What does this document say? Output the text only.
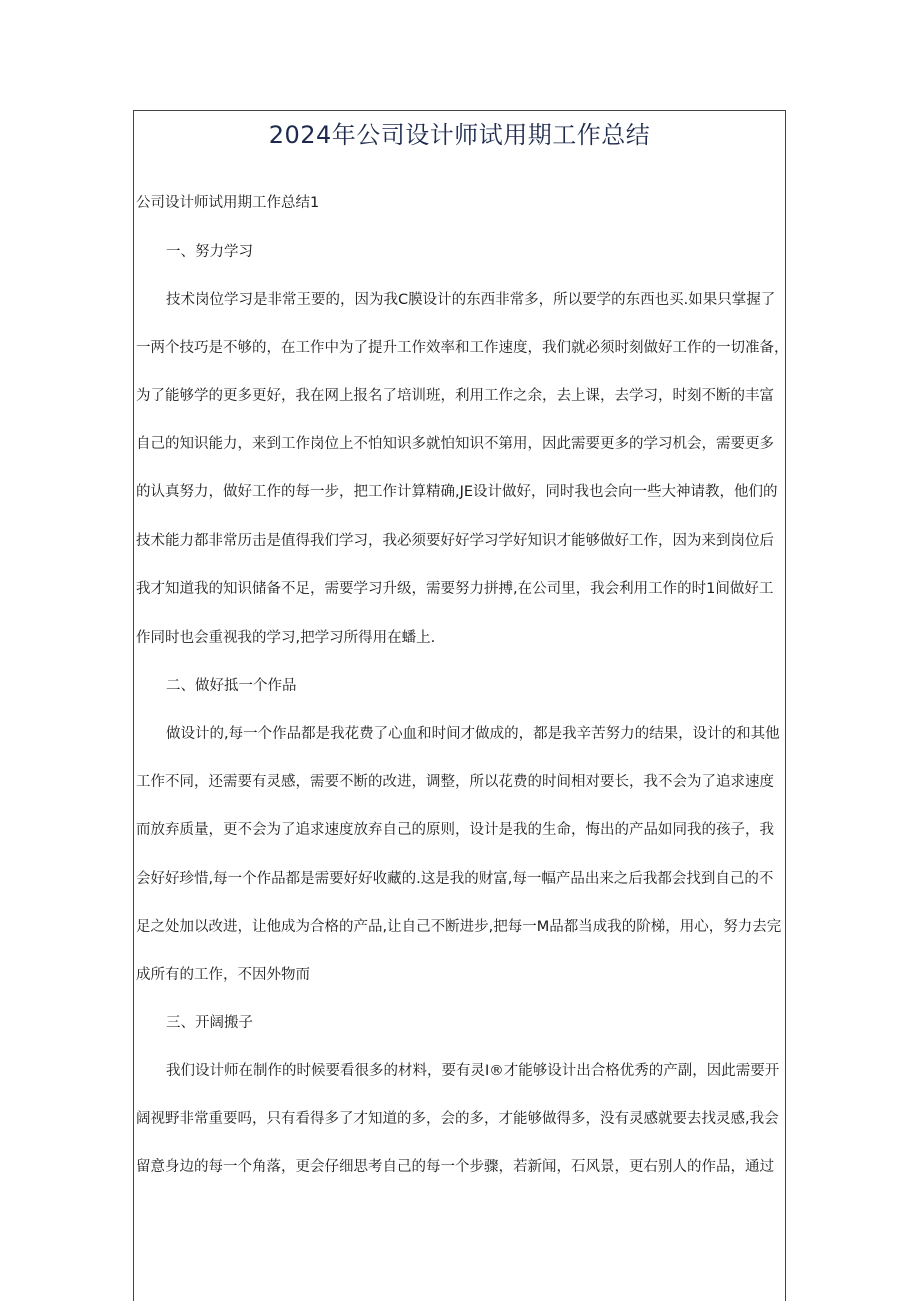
2024年公司设计师试用期工作总结
公司设计师试用期工作总结1
一、努力学习
技术岗位学习是非常王要的，因为我C膜设计的东西非常多，所以要学的东西也买.如果只掌握了
一两个技巧是不够的，在工作中为了提升工作效率和工作速度，我们就必须时刻做好工作的一切准备，
为了能够学的更多更好，我在网上报名了培训班，利用工作之余，去上课，去学习，时刻不断的丰富
自己的知识能力，来到工作岗位上不怕知识多就怕知识不第用，因此需要更多的学习机会，需要更多
的认真努力，做好工作的每一步，把工作计算精确,JE设计做好，同时我也会向一些大神请教，他们的
技术能力都非常历击是值得我们学习，我必须要好好学习学好知识才能够做好工作，因为来到岗位后
我才知道我的知识储备不足，需要学习升级，需要努力拼搏,在公司里，我会利用工作的时1间做好工
作同时也会重视我的学习,把学习所得用在蟠上.
二、做好抵一个作品
做设计的,每一个作品都是我花费了心血和时间才做成的，都是我辛苦努力的结果，设计的和其他
工作不同，还需要有灵感，需要不断的改进，调整，所以花费的时间相对要长，我不会为了追求速度
而放弃质量，更不会为了追求速度放弃自己的原则，设计是我的生命，悔出的产品如同我的孩子，我
会好好珍惜,每一个作品都是需要好好收藏的.这是我的财富,每一幅产品出来之后我都会找到自己的不
足之处加以改进，让他成为合格的产品,让自己不断进步,把每一M品都当成我的阶梯，用心，努力去完
成所有的工作，不因外物而
三、开阔搬子
我们设计师在制作的时候要看很多的材料，要有灵I®才能够设计出合格优秀的产副，因此需要开
阔视野非常重要吗，只有看得多了才知道的多，会的多，才能够做得多，没有灵感就要去找灵感,我会
留意身边的每一个角落，更会仔细思考自己的每一个步骤，若新闻，石风景，更右别人的作品，通过
